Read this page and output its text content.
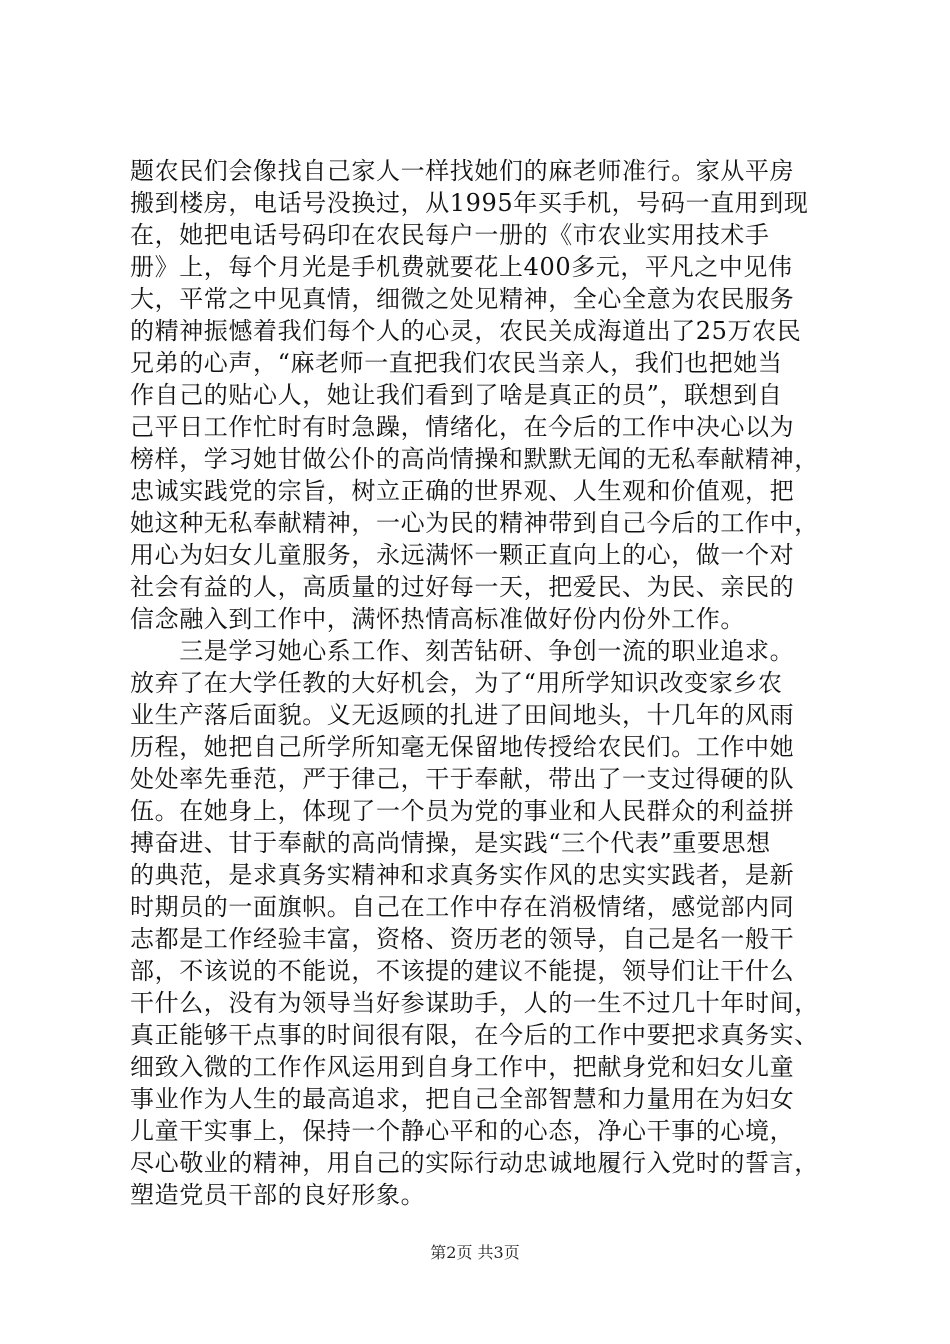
题农民们会像找自己家人一样找她们的麻老师准行。家从平房
搬到楼房，电话号没换过，从1995年买手机，号码一直用到现
在，她把电话号码印在农民每户一册的《市农业实用技术手
册》上，每个月光是手机费就要花上400多元，平凡之中见伟
大，平常之中见真情，细微之处见精神，全心全意为农民服务
的精神振憾着我们每个人的心灵，农民关成海道出了25万农民
兄弟的心声，“麻老师一直把我们农民当亲人，我们也把她当
作自己的贴心人，她让我们看到了啥是真正的员”，联想到自
己平日工作忙时有时急躁，情绪化，在今后的工作中决心以为
榜样，学习她甘做公仆的高尚情操和默默无闻的无私奉献精神，
忠诚实践党的宗旨，树立正确的世界观、人生观和价值观，把
她这种无私奉献精神，一心为民的精神带到自己今后的工作中，
用心为妇女儿童服务，永远满怀一颗正直向上的心，做一个对
社会有益的人，高质量的过好每一天，把爱民、为民、亲民的
信念融入到工作中，满怀热情高标准做好份内份外工作。
　　三是学习她心系工作、刻苦钻研、争创一流的职业追求。
放弃了在大学任教的大好机会，为了“用所学知识改变家乡农
业生产落后面貌。义无返顾的扎进了田间地头，十几年的风雨
历程，她把自己所学所知毫无保留地传授给农民们。工作中她
处处率先垂范，严于律己，干于奉献，带出了一支过得硬的队
伍。在她身上，体现了一个员为党的事业和人民群众的利益拼
搏奋进、甘于奉献的高尚情操，是实践“三个代表”重要思想
的典范，是求真务实精神和求真务实作风的忠实实践者，是新
时期员的一面旗帜。自己在工作中存在消极情绪，感觉部内同
志都是工作经验丰富，资格、资历老的领导，自己是名一般干
部，不该说的不能说，不该提的建议不能提，领导们让干什么
干什么，没有为领导当好参谋助手，人的一生不过几十年时间，
真正能够干点事的时间很有限，在今后的工作中要把求真务实、
细致入微的工作作风运用到自身工作中，把献身党和妇女儿童
事业作为人生的最高追求，把自己全部智慧和力量用在为妇女
儿童干实事上，保持一个静心平和的心态，净心干事的心境，
尽心敬业的精神，用自己的实际行动忠诚地履行入党时的誓言，
塑造党员干部的良好形象。
第2页 共3页
